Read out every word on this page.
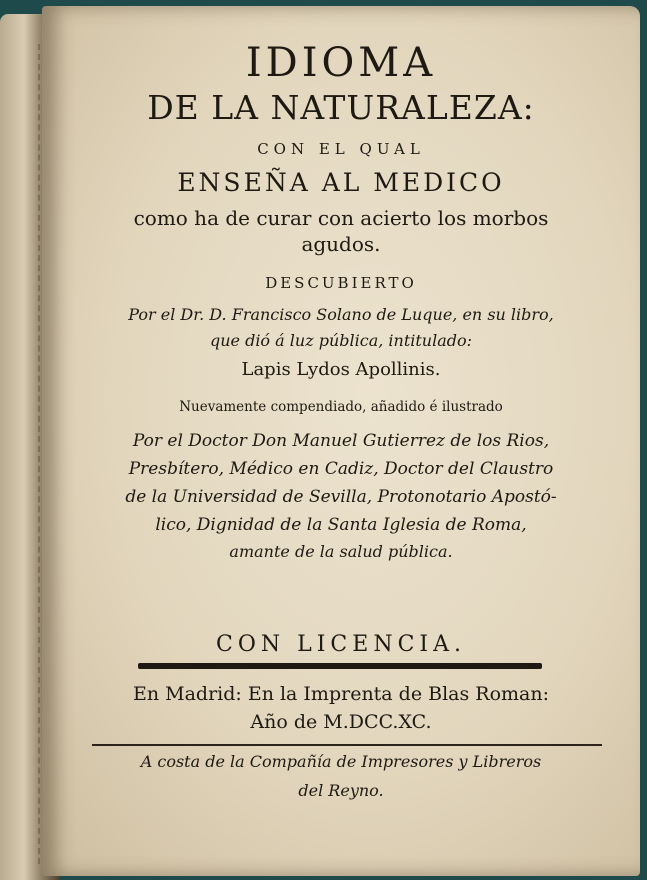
IDIOMA
DE LA NATURALEZA:
CON EL QUAL
ENSEÑA AL MEDICO
como ha de curar con acierto los morbos
agudos.
DESCUBIERTO
Por el Dr. D. Francisco Solano de Luque, en su libro,
que dió á luz pública, intitulado:
Lapis Lydos Apollinis.
Nuevamente compendiado, añadido é ilustrado
Por el Doctor Don Manuel Gutierrez de los Rios,
Presbítero, Médico en Cadiz, Doctor del Claustro
de la Universidad de Sevilla, Protonotario Apostó-
lico, Dignidad de la Santa Iglesia de Roma,
amante de la salud pública.
CON LICENCIA.
En Madrid: En la Imprenta de Blas Roman:
Año de M.DCC.XC.
A costa de la Compañía de Impresores y Libreros
del Reyno.
